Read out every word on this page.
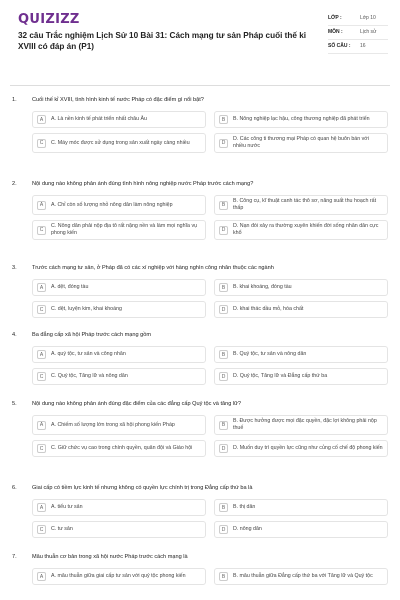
QUIZIZZ
32 câu Trắc nghiệm Lịch Sử 10 Bài 31: Cách mạng tư sản Pháp cuối thế kỉ XVIII có đáp án (P1)
LỚP :	Lớp 10
MÔN :	Lịch sử
SỐ CÂU :	16
1.	Cuối thế kỉ XVIII, tình hình kinh tế nước Pháp có đặc điểm gì nổi bật?
A	A. Là nền kinh tế phát triển nhất châu Âu	B	B. Nông nghiệp lạc hậu, công thương nghiệp đã phát triển
C	C. Máy móc được sử dụng trong sản xuất ngày càng nhiều	D
D. Các công ti thương mại Pháp có quan hệ buôn bán với nhiều nước
2.	Nội dung nào không phản ánh đúng tình hình nông nghiệp nước Pháp trước cách mạng?
A	A. Chỉ còn số lượng nhỏ nông dân làm nông nghiệp	B
B. Công cụ, kĩ thuật canh tác thô sơ, năng suất thu hoạch rất thấp
C
C. Nông dân phải nộp địa tô rất nặng nền và làm mọi nghĩa vụ phong kiến	D
D. Nạn đói xảy ra thường xuyên khiến đời sống nhân dân cực khổ
3.	Trước cách mạng tư sản, ở Pháp đã có các xí nghiệp với hàng nghìn công nhân thuộc các ngành
A	A. dệt, đóng tàu	B	B. khai khoáng, đóng tàu
C	C. dệt, luyện kim, khai khoáng	D	D. khai thác dầu mỏ, hóa chất
4.	Ba đẳng cấp xã hội Pháp trước cách mạng gồm
A	A. quý tộc, tư sản và công nhân	B	B. Quý tộc, tư sản và nông dân
C	C. Quý tộc, Tăng lữ và nông dân	D	D. Quý tộc, Tăng lữ và Đẳng cấp thứ ba
5.	Nội dung nào không phản ánh đúng đặc điểm của các đẳng cấp Quý tộc và tăng lữ?
A	A. Chiếm số lượng lớn trong xã hội phong kiến Pháp	B
B. Được hưởng được mọi đặc quyền, đặc lợi không phải nộp thuế
C	C. Giữ chức vụ cao trong chính quyền, quân đội và Giáo hội	D	D. Muốn duy trì quyền lực cũng như củng cố chế độ phong kiến
6.	Giai cấp có tiềm lực kinh tế nhưng không có quyền lực chính trị trong Đẳng cấp thứ ba là
A	A. tiểu tư sản	B	B. thị dân
C	C. tư sản	D	D. nông dân
7.	Mâu thuẫn cơ bản trong xã hội nước Pháp trước cách mạng là
A	A. mâu thuẫn giữa giai cấp tư sản với quý tộc phong kiến	B	B. mâu thuẫn giữa Đẳng cấp thứ ba với Tăng lữ và Quý tộc
